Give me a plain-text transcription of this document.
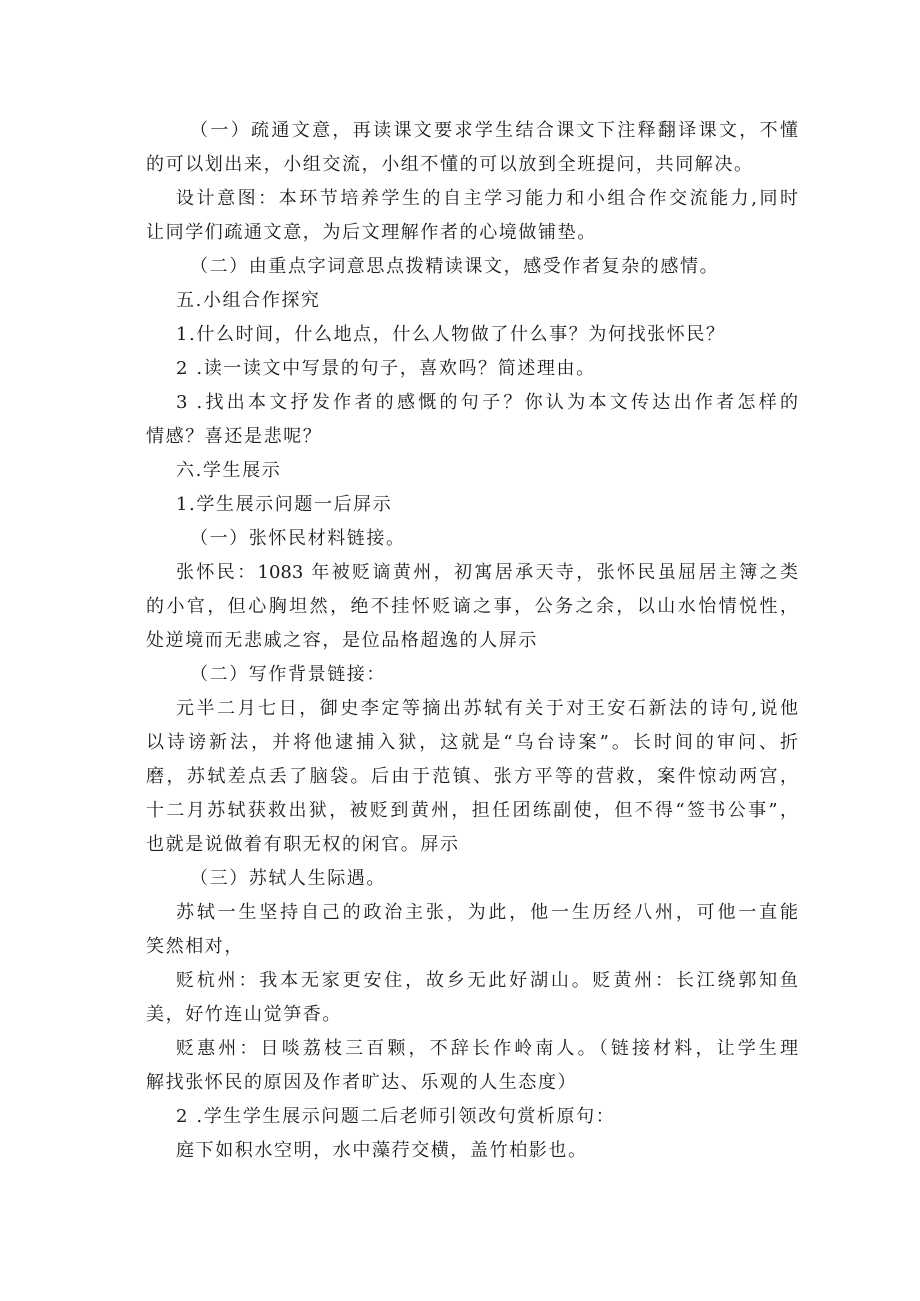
（一）疏通文意，再读课文要求学生结合课文下注释翻译课文，不懂
的可以划出来，小组交流，小组不懂的可以放到全班提问，共同解决。
设计意图：本环节培养学生的自主学习能力和小组合作交流能力,同时
让同学们疏通文意，为后文理解作者的心境做铺垫。
（二）由重点字词意思点拨精读课文，感受作者复杂的感情。
五.小组合作探究
1.什么时间，什么地点，什么人物做了什么事？为何找张怀民？
2 .读一读文中写景的句子，喜欢吗？简述理由。
3 .找出本文抒发作者的感慨的句子？你认为本文传达出作者怎样的
情感？喜还是悲呢？
六.学生展示
1.学生展示问题一后屏示
（一）张怀民材料链接。
张怀民：1083 年被贬谪黄州，初寓居承天寺，张怀民虽屈居主簿之类
的小官，但心胸坦然，绝不挂怀贬谪之事，公务之余，以山水怡情悦性，
处逆境而无悲戚之容，是位品格超逸的人屏示
（二）写作背景链接：
元半二月七日，御史李定等摘出苏轼有关于对王安石新法的诗句,说他
以诗谤新法，并将他逮捕入狱，这就是“乌台诗案”。长时间的审问、折
磨，苏轼差点丢了脑袋。后由于范镇、张方平等的营救，案件惊动两宫，
十二月苏轼获救出狱，被贬到黄州，担任团练副使，但不得“签书公事”，
也就是说做着有职无权的闲官。屏示
（三）苏轼人生际遇。
苏轼一生坚持自己的政治主张，为此，他一生历经八州，可他一直能
笑然相对，
贬杭州：我本无家更安住，故乡无此好湖山。贬黄州：长江绕郭知鱼
美，好竹连山觉笋香。
贬惠州：日啖荔枝三百颗，不辞长作岭南人。（链接材料，让学生理
解找张怀民的原因及作者旷达、乐观的人生态度）
2 .学生学生展示问题二后老师引领改句赏析原句：
庭下如积水空明，水中藻荇交横，盖竹柏影也。
